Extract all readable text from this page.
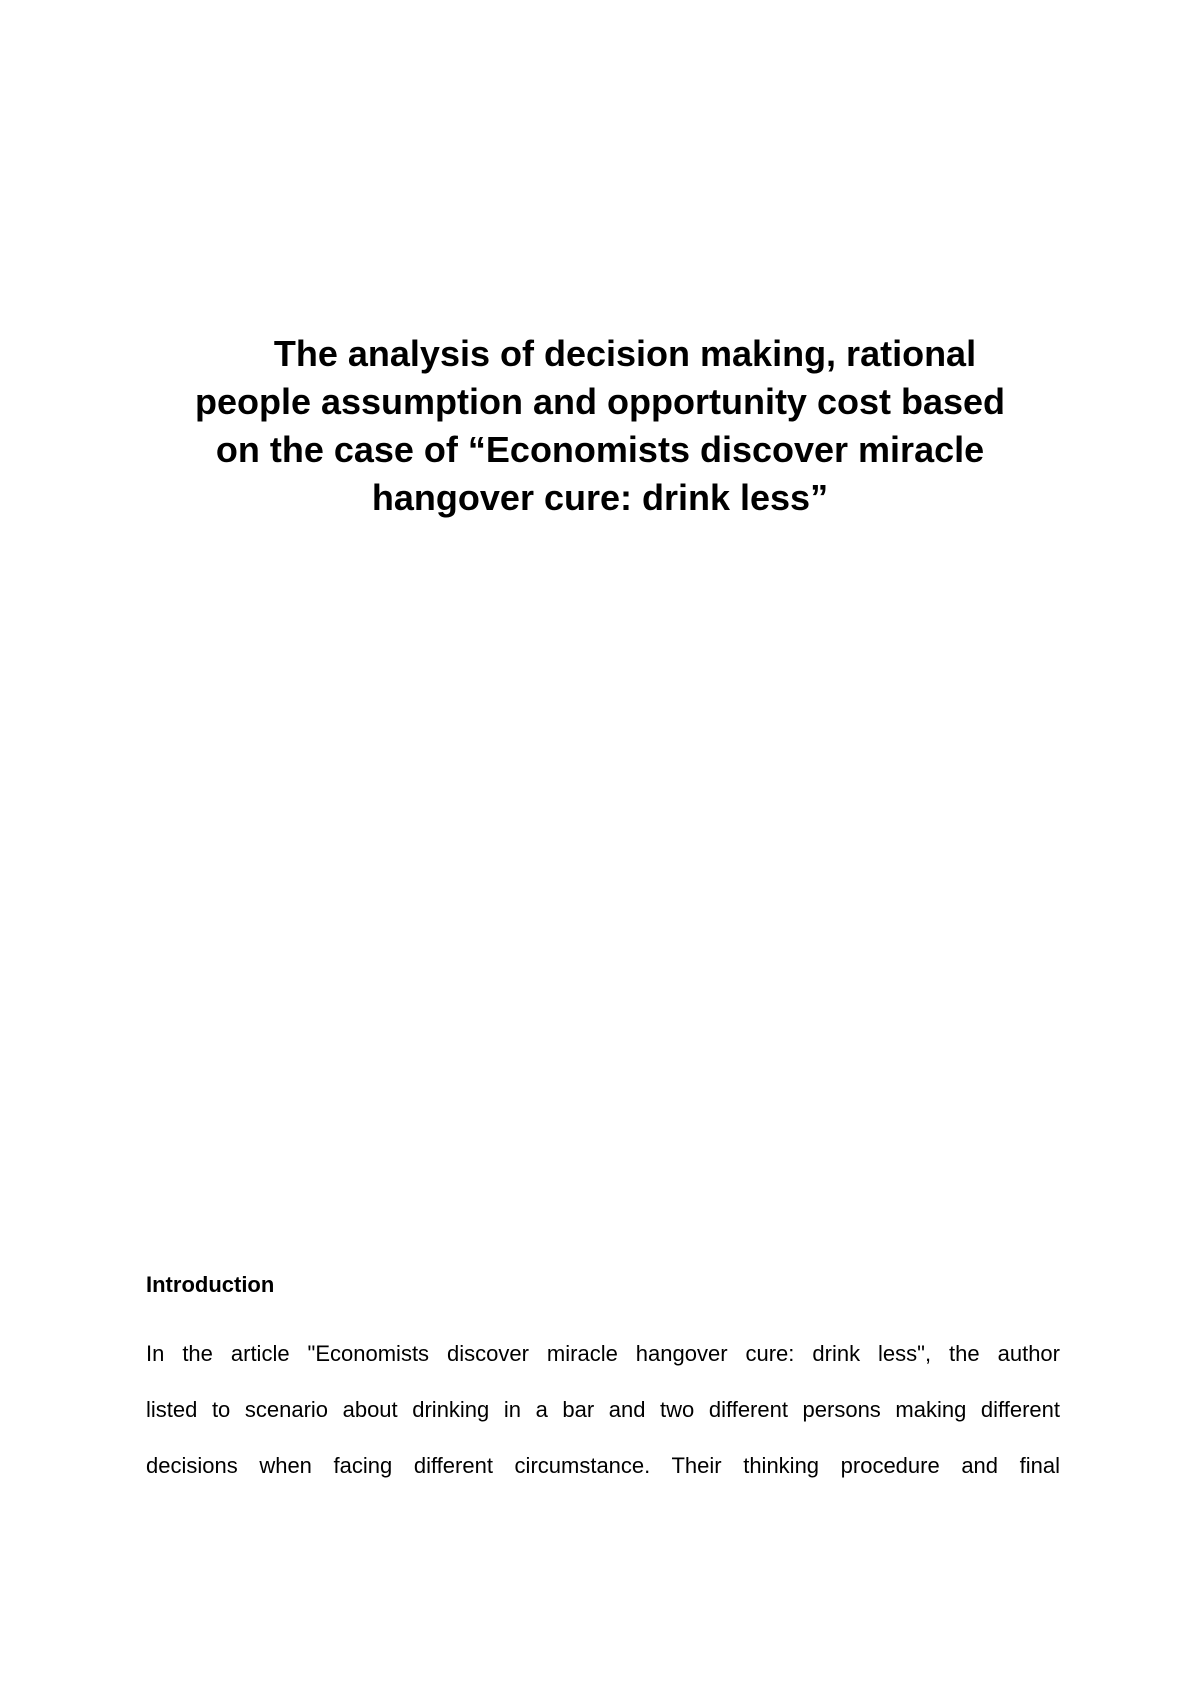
The analysis of decision making, rational
people assumption and opportunity cost based
on the case of “Economists discover miracle
hangover cure: drink less”
Introduction
In the article "Economists discover miracle hangover cure: drink less", the author
listed to scenario about drinking in a bar and two different persons making different
decisions when facing different circumstance. Their thinking procedure and final
